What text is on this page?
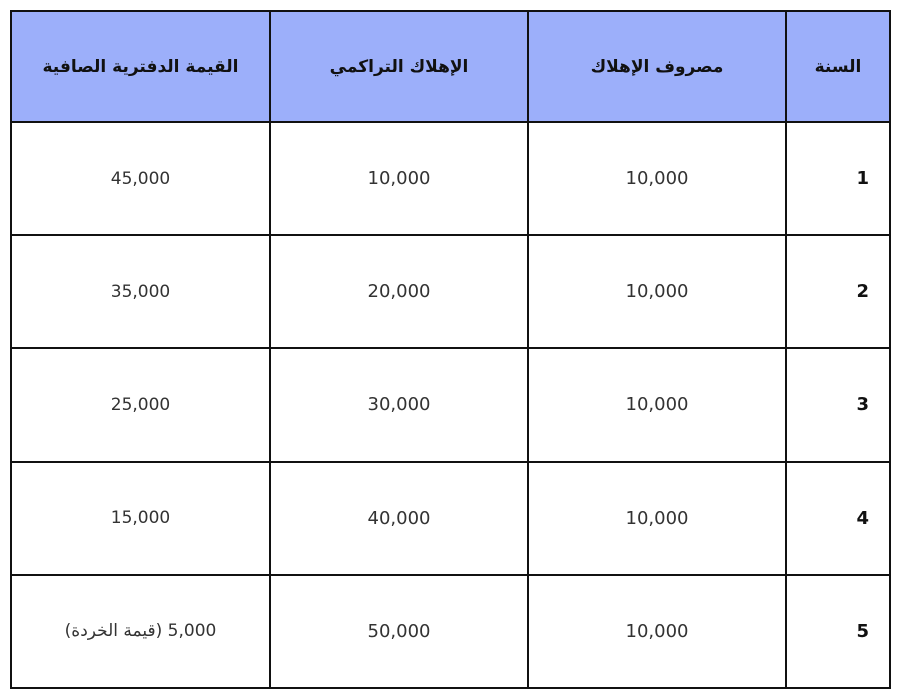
السنة	مصروف الإهلاك	الإهلاك التراكمي	القيمة الدفترية الصافية
1	10,000	10,000	45,000
2	10,000	20,000	35,000
3	10,000	30,000	25,000
4	10,000	40,000	15,000
5	10,000	50,000	5,000 (قيمة الخردة)
